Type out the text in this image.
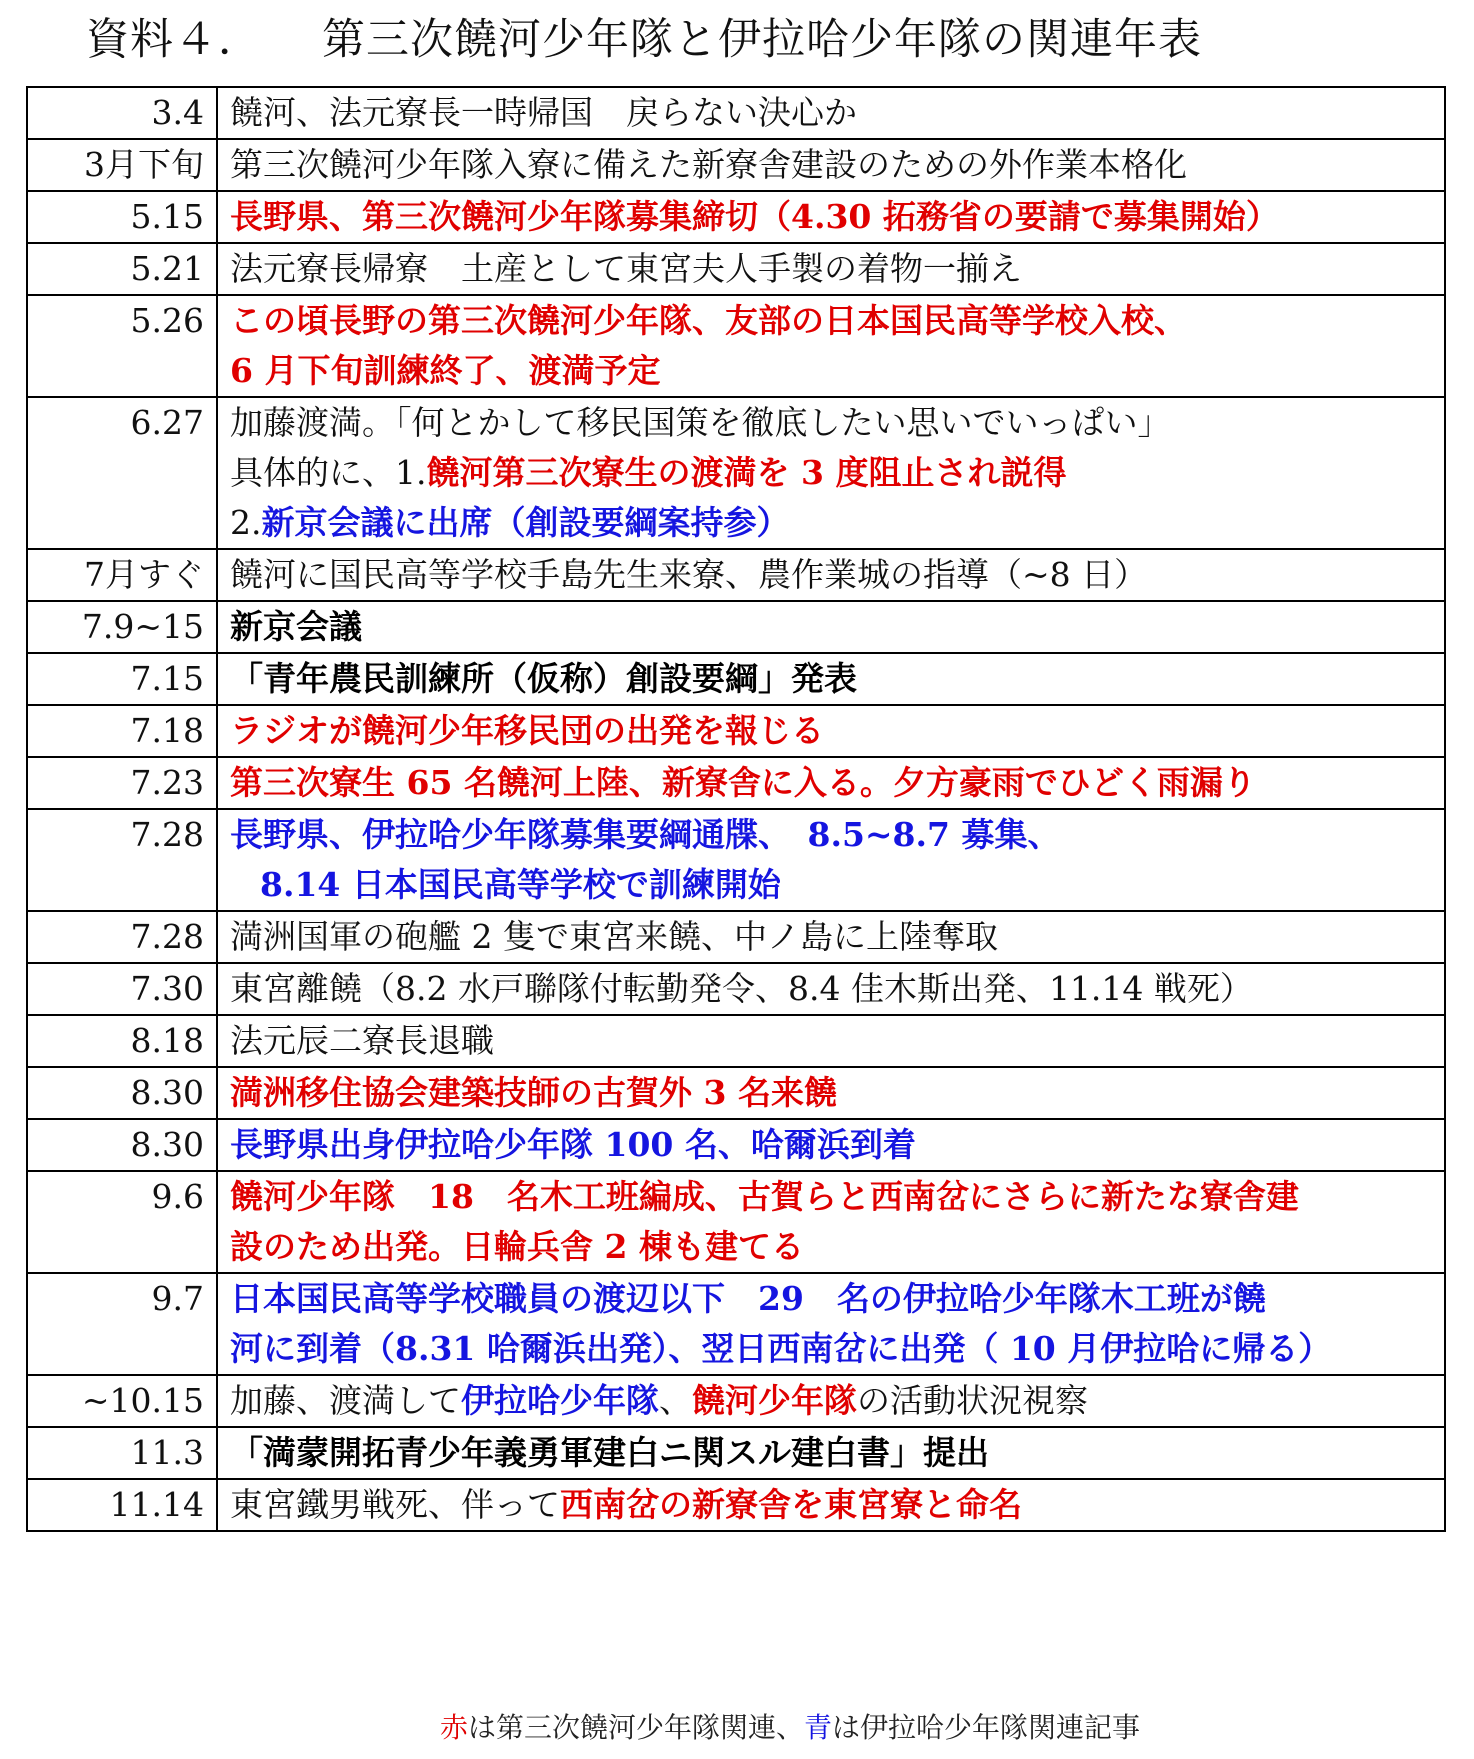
資料４． 第三次饒河少年隊と伊拉哈少年隊の関連年表
3.4	饒河、法元寮長一時帰国　戻らない決心か

3月下旬	第三次饒河少年隊入寮に備えた新寮舎建設のための外作業本格化

5.15	長野県、第三次饒河少年隊募集締切（4.30 拓務省の要請で募集開始）

5.21	法元寮長帰寮　土産として東宮夫人手製の着物一揃え

5.26	この頃長野の第三次饒河少年隊、友部の日本国民高等学校入校、
6 月下旬訓練終了、渡満予定

6.27	加藤渡満。「何とかして移民国策を徹底したい思いでいっぱい」
具体的に、1.饒河第三次寮生の渡満を 3 度阻止され説得
2.新京会議に出席（創設要綱案持参）

7月すぐ	饒河に国民高等学校手島先生来寮、農作業城の指導（~8 日）

7.9~15	新京会議

7.15	「青年農民訓練所（仮称）創設要綱」発表

7.18	ラジオが饒河少年移民団の出発を報じる

7.23	第三次寮生 65 名饒河上陸、新寮舎に入る。夕方豪雨でひどく雨漏り

7.28	長野県、伊拉哈少年隊募集要綱通牒、　8.5~8.7 募集、
8.14 日本国民高等学校で訓練開始

7.28	満洲国軍の砲艦 2 隻で東宮来饒、中ノ島に上陸奪取

7.30	東宮離饒（8.2 水戸聯隊付転勤発令、8.4 佳木斯出発、11.14 戦死）

8.18	法元辰二寮長退職

8.30	満洲移住協会建築技師の古賀外 3 名来饒

8.30	長野県出身伊拉哈少年隊 100 名、哈爾浜到着

9.6	饒河少年隊　18　名木工班編成、古賀らと西南岔にさらに新たな寮舎建
設のため出発。日輪兵舎 2 棟も建てる

9.7	日本国民高等学校職員の渡辺以下　29　名の伊拉哈少年隊木工班が饒
河に到着（8.31 哈爾浜出発）、翌日西南岔に出発（ 10 月伊拉哈に帰る）

~10.15	加藤、渡満して伊拉哈少年隊、饒河少年隊の活動状況視察

11.3	「満蒙開拓青少年義勇軍建白ニ関スル建白書」提出

11.14	東宮鐵男戦死、伴って西南岔の新寮舎を東宮寮と命名
赤は第三次饒河少年隊関連、青は伊拉哈少年隊関連記事
